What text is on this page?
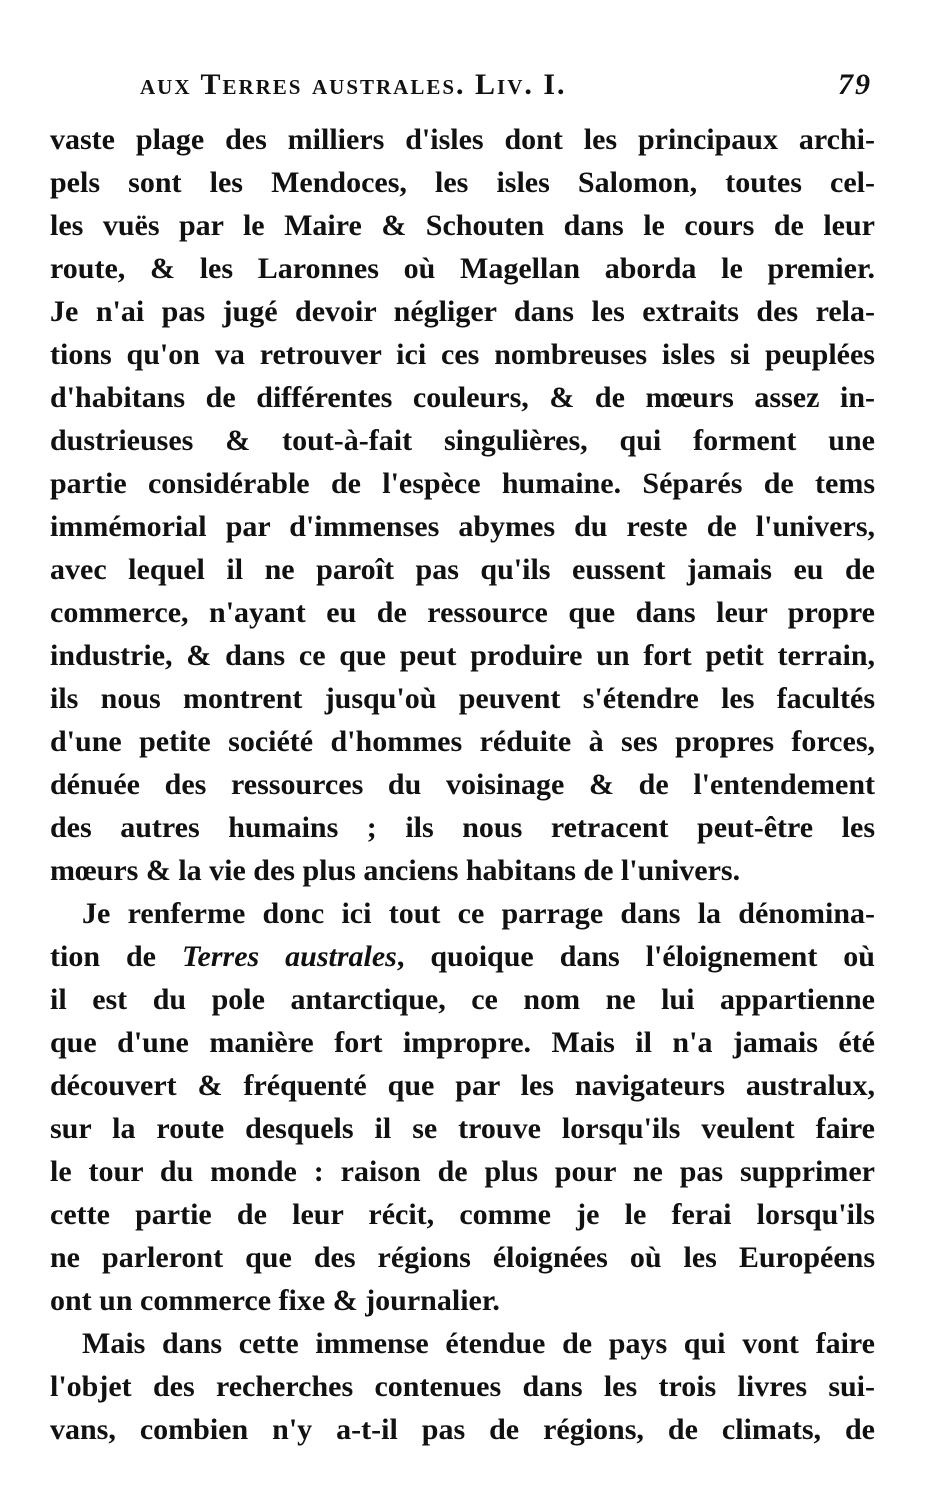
aux Terres australes. Liv. I.	79
vaste plage des milliers d'isles dont les principaux archi-
pels sont les Mendoces, les isles Salomon, toutes cel-
les vuës par le Maire & Schouten dans le cours de leur
route, & les Laronnes où Magellan aborda le premier.
Je n'ai pas jugé devoir négliger dans les extraits des rela-
tions qu'on va retrouver ici ces nombreuses isles si peuplées
d'habitans de différentes couleurs, & de mœurs assez in-
dustrieuses & tout-à-fait singulières, qui forment une
partie considérable de l'espèce humaine. Séparés de tems
immémorial par d'immenses abymes du reste de l'univers,
avec lequel il ne paroît pas qu'ils eussent jamais eu de
commerce, n'ayant eu de ressource que dans leur propre
industrie, & dans ce que peut produire un fort petit terrain,
ils nous montrent jusqu'où peuvent s'étendre les facultés
d'une petite société d'hommes réduite à ses propres forces,
dénuée des ressources du voisinage & de l'entendement
des autres humains ; ils nous retracent peut-être les
mœurs & la vie des plus anciens habitans de l'univers.
Je renferme donc ici tout ce parrage dans la dénomina-
tion de Terres australes, quoique dans l'éloignement où
il est du pole antarctique, ce nom ne lui appartienne
que d'une manière fort impropre. Mais il n'a jamais été
découvert & fréquenté que par les navigateurs australux,
sur la route desquels il se trouve lorsqu'ils veulent faire
le tour du monde : raison de plus pour ne pas supprimer
cette partie de leur récit, comme je le ferai lorsqu'ils
ne parleront que des régions éloignées où les Européens
ont un commerce fixe & journalier.
Mais dans cette immense étendue de pays qui vont faire
l'objet des recherches contenues dans les trois livres sui-
vans, combien n'y a-t-il pas de régions, de climats, de
